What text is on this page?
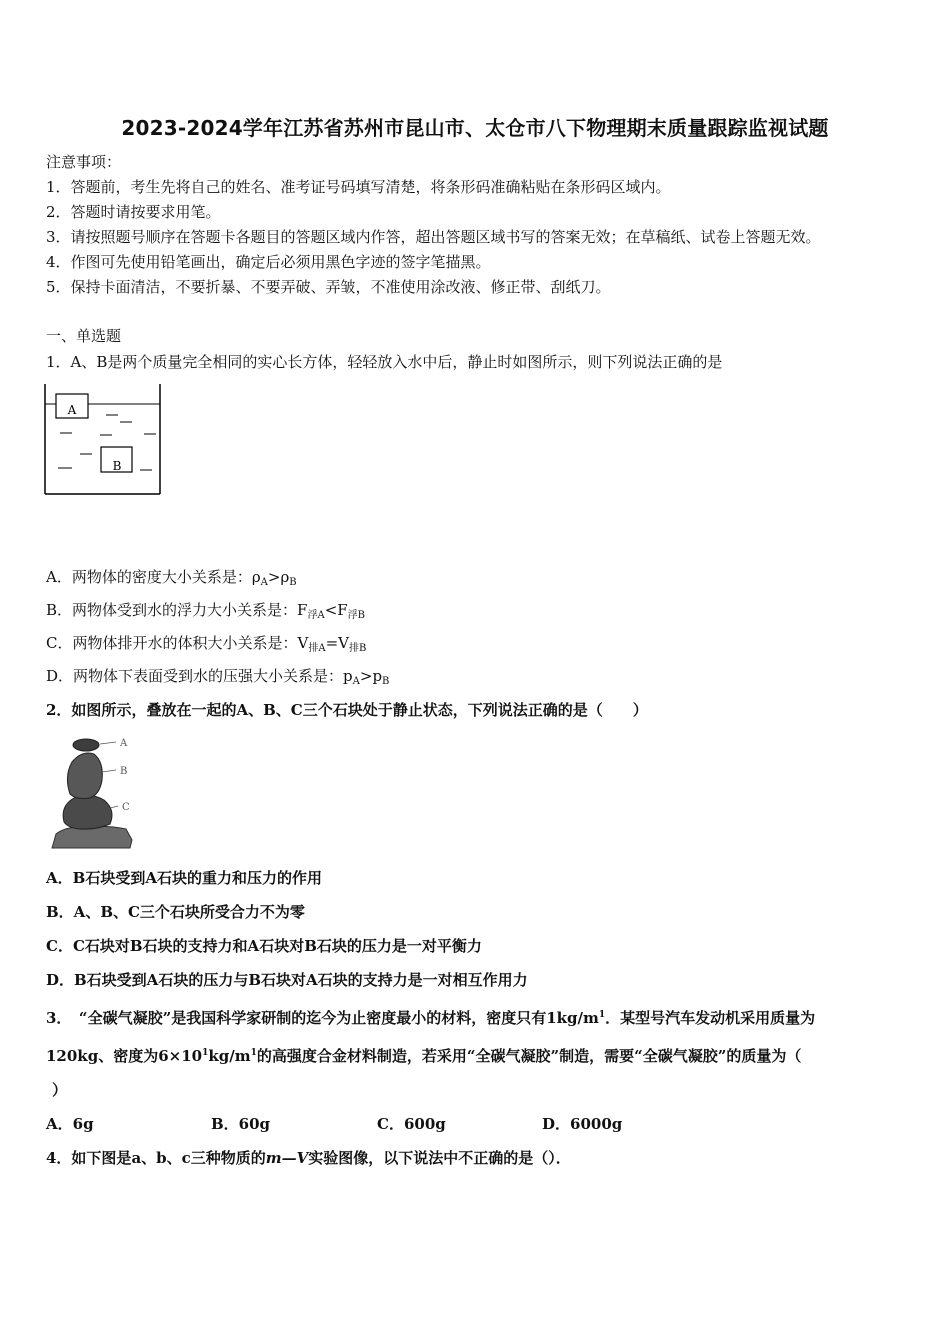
2023-2024学年江苏省苏州市昆山市、太仓市八下物理期末质量跟踪监视试题
注意事项：
1．答题前，考生先将自己的姓名、准考证号码填写清楚，将条形码准确粘贴在条形码区域内。
2．答题时请按要求用笔。
3．请按照题号顺序在答题卡各题目的答题区域内作答，超出答题区域书写的答案无效；在草稿纸、试卷上答题无效。
4．作图可先使用铅笔画出，确定后必须用黑色字迹的签字笔描黑。
5．保持卡面清洁，不要折暴、不要弄破、弄皱，不准使用涂改液、修正带、刮纸刀。
一、单选题
1．A、B是两个质量完全相同的实心长方体，轻轻放入水中后，静止时如图所示，则下列说法正确的是
A
B
A．两物体的密度大小关系是：$\rho_A>\rho_B$
B．两物体受到水的浮力大小关系是：$F_{浮A}<F_{浮B}$
C．两物体排开水的体积大小关系是：$V_{排A}=V_{排B}$
D．两物体下表面受到水的压强大小关系是：$p_A>p_B$
2．如图所示，叠放在一起的A、B、C三个石块处于静止状态，下列说法正确的是（　　）
A
B
C
A．B石块受到A石块的重力和压力的作用
B．A、B、C三个石块所受合力不为零
C．C石块对B石块的支持力和A石块对B石块的压力是一对平衡力
D．B石块受到A石块的压力与B石块对A石块的支持力是一对相互作用力
3．　“全碳气凝胶”是我国科学家研制的迄今为止密度最小的材料，密度只有$1kg/m^1$．某型号汽车发动机采用质量为
120kg、密度为$6\times 10^1kg/m^1$的高强度合金材料制造，若采用“全碳气凝胶”制造，需要“全碳气凝胶”的质量为（
）
A．6g	B．60g	C．600g	D．6000g
4．如下图是a、b、c三种物质的m—V实验图像，以下说法中不正确的是（）．
